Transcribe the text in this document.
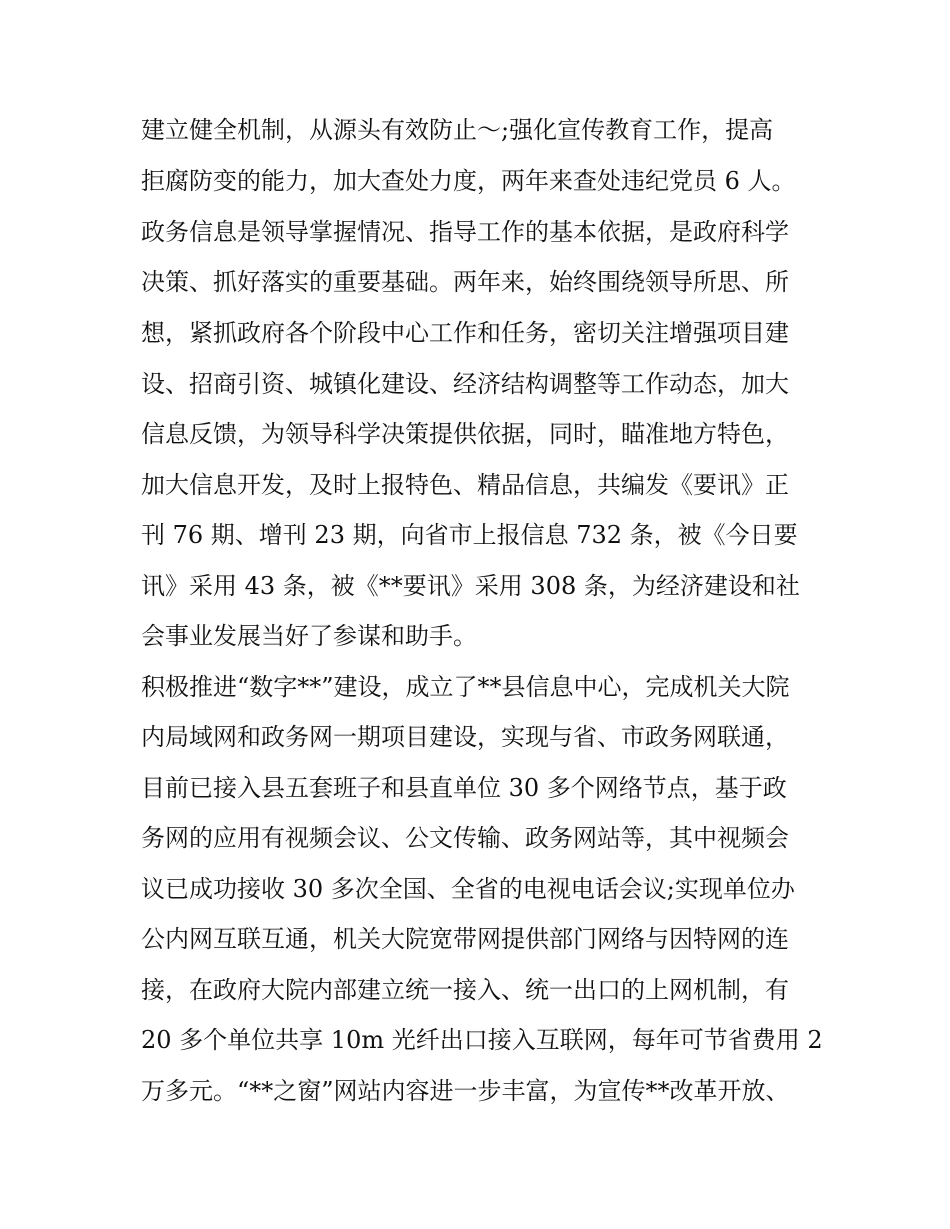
建立健全机制，从源头有效防止～;强化宣传教育工作，提高
拒腐防变的能力，加大查处力度，两年来查处违纪党员 6 人。
政务信息是领导掌握情况、指导工作的基本依据，是政府科学
决策、抓好落实的重要基础。两年来，始终围绕领导所思、所
想，紧抓政府各个阶段中心工作和任务，密切关注增强项目建
设、招商引资、城镇化建设、经济结构调整等工作动态，加大
信息反馈，为领导科学决策提供依据，同时，瞄准地方特色，
加大信息开发，及时上报特色、精品信息，共编发《要讯》正
刊 76 期、增刊 23 期，向省市上报信息 732 条，被《今日要
讯》采用 43 条，被《**要讯》采用 308 条，为经济建设和社
会事业发展当好了参谋和助手。
积极推进“数字**”建设，成立了**县信息中心，完成机关大院
内局域网和政务网一期项目建设，实现与省、市政务网联通，
目前已接入县五套班子和县直单位 30 多个网络节点，基于政
务网的应用有视频会议、公文传输、政务网站等，其中视频会
议已成功接收 30 多次全国、全省的电视电话会议;实现单位办
公内网互联互通，机关大院宽带网提供部门网络与因特网的连
接，在政府大院内部建立统一接入、统一出口的上网机制，有
20 多个单位共享 10m 光纤出口接入互联网，每年可节省费用 2
万多元。“**之窗”网站内容进一步丰富，为宣传**改革开放、
